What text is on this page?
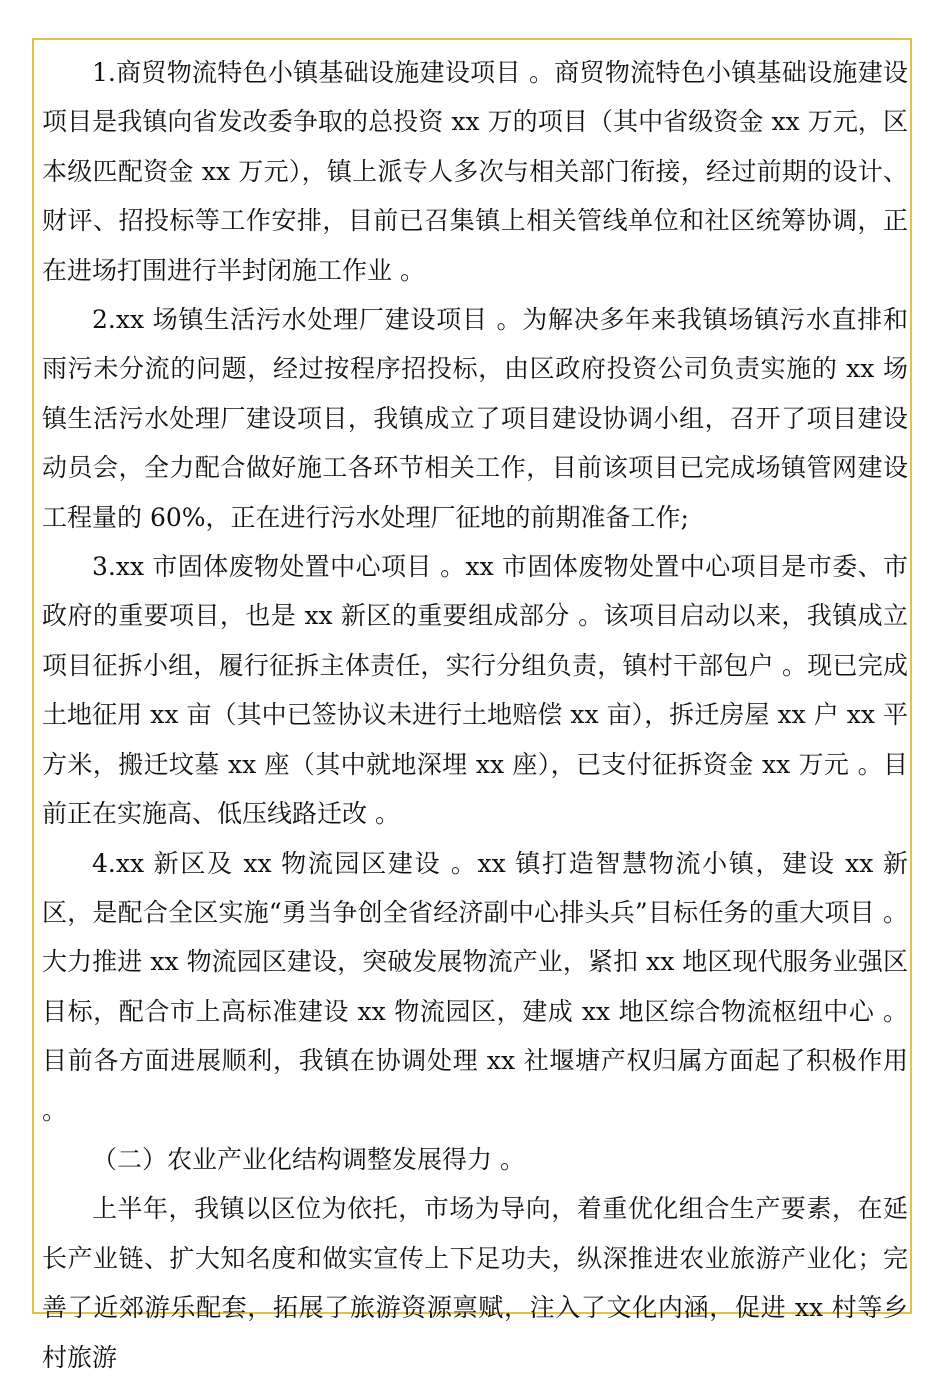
1.商贸物流特色小镇基础设施建设项目 。商贸物流特色小镇基础设施建设项目是我镇向省发改委争取的总投资 xx 万的项目（其中省级资金 xx 万元，区本级匹配资金 xx 万元），镇上派专人多次与相关部门衔接，经过前期的设计、财评、招投标等工作安排，目前已召集镇上相关管线单位和社区统筹协调，正在进场打围进行半封闭施工作业 。

2.xx 场镇生活污水处理厂建设项目 。为解决多年来我镇场镇污水直排和雨污未分流的问题，经过按程序招投标，由区政府投资公司负责实施的 xx 场镇生活污水处理厂建设项目，我镇成立了项目建设协调小组，召开了项目建设动员会，全力配合做好施工各环节相关工作，目前该项目已完成场镇管网建设工程量的 60%，正在进行污水处理厂征地的前期准备工作;

3.xx 市固体废物处置中心项目 。xx 市固体废物处置中心项目是市委、市政府的重要项目，也是 xx 新区的重要组成部分 。该项目启动以来，我镇成立项目征拆小组，履行征拆主体责任，实行分组负责，镇村干部包户 。现已完成土地征用 xx 亩（其中已签协议未进行土地赔偿 xx 亩），拆迁房屋 xx 户 xx 平方米，搬迁坟墓 xx 座（其中就地深埋 xx 座），已支付征拆资金 xx 万元 。目前正在实施高、低压线路迁改 。

4.xx 新区及 xx 物流园区建设 。xx 镇打造智慧物流小镇，建设 xx 新区，是配合全区实施“勇当争创全省经济副中心排头兵”目标任务的重大项目 。大力推进 xx 物流园区建设，突破发展物流产业，紧扣 xx 地区现代服务业强区目标，配合市上高标准建设 xx 物流园区，建成 xx 地区综合物流枢纽中心 。目前各方面进展顺利，我镇在协调处理 xx 社堰塘产权归属方面起了积极作用 。

（二）农业产业化结构调整发展得力 。

上半年，我镇以区位为依托，市场为导向，着重优化组合生产要素，在延长产业链、扩大知名度和做实宣传上下足功夫，纵深推进农业旅游产业化；完善了近郊游乐配套，拓展了旅游资源禀赋，注入了文化内涵，促进 xx 村等乡村旅游
